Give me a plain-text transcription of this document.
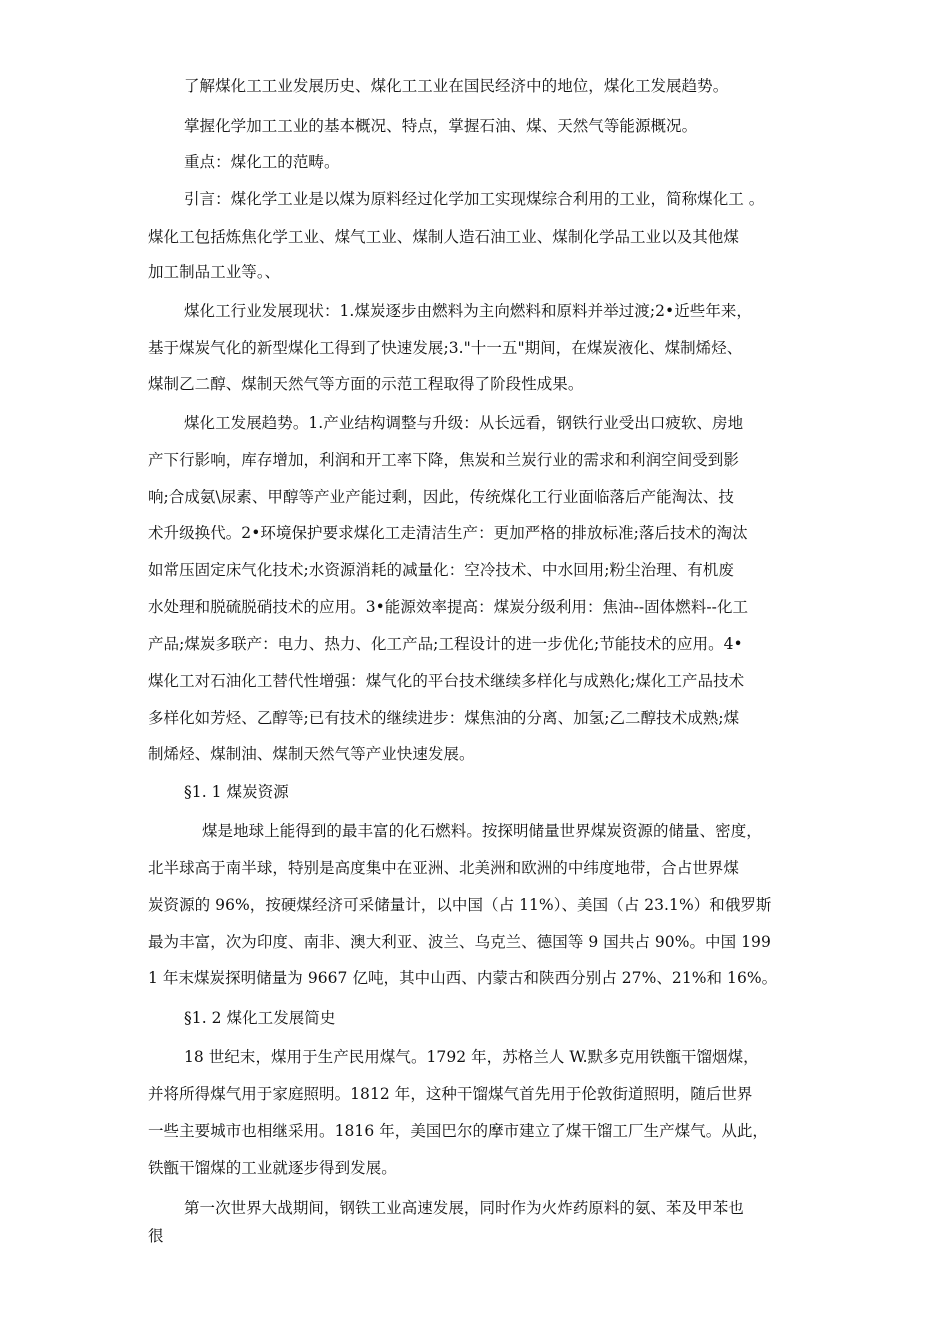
了解煤化工工业发展历史、煤化工工业在国民经济中的地位，煤化工发展趋势。
掌握化学加工工业的基本概况、特点，掌握石油、煤、天然气等能源概况。
重点：煤化工的范畴。
引言：煤化学工业是以煤为原料经过化学加工实现煤综合利用的工业，简称煤化工 。
煤化工包括炼焦化学工业、煤气工业、煤制人造石油工业、煤制化学品工业以及其他煤
加工制品工业等。、
煤化工行业发展现状：1.煤炭逐步由燃料为主向燃料和原料并举过渡;2•近些年来，
基于煤炭气化的新型煤化工得到了快速发展;3."十一五"期间，在煤炭液化、煤制烯烃、
煤制乙二醇、煤制天然气等方面的示范工程取得了阶段性成果。
煤化工发展趋势。1.产业结构调整与升级：从长远看，钢铁行业受出口疲软、房地
产下行影响，库存增加，利润和开工率下降，焦炭和兰炭行业的需求和利润空间受到影
响;合成氨\尿素、甲醇等产业产能过剩，因此，传统煤化工行业面临落后产能淘汰、技
术升级换代。2•环境保护要求煤化工走清洁生产：更加严格的排放标准;落后技术的淘汰
如常压固定床气化技术;水资源消耗的减量化：空冷技术、中水回用;粉尘治理、有机废
水处理和脱硫脱硝技术的应用。3•能源效率提高：煤炭分级利用：焦油--固体燃料--化工
产品;煤炭多联产：电力、热力、化工产品;工程设计的进一步优化;节能技术的应用。4•
煤化工对石油化工替代性增强：煤气化的平台技术继续多样化与成熟化;煤化工产品技术
多样化如芳烃、乙醇等;已有技术的继续进步：煤焦油的分离、加氢;乙二醇技术成熟;煤
制烯烃、煤制油、煤制天然气等产业快速发展。
§1. 1 煤炭资源
煤是地球上能得到的最丰富的化石燃料。按探明储量世界煤炭资源的储量、密度，
北半球高于南半球，特别是高度集中在亚洲、北美洲和欧洲的中纬度地带，合占世界煤
炭资源的 96%，按硬煤经济可采储量计，以中国（占 11%）、美国（占 23.1%）和俄罗斯
最为丰富，次为印度、南非、澳大利亚、波兰、乌克兰、德国等 9 国共占 90%。中国 199
1 年末煤炭探明储量为 9667 亿吨，其中山西、内蒙古和陕西分别占 27%、21%和 16%。
§1. 2 煤化工发展简史
18 世纪末，煤用于生产民用煤气。1792 年，苏格兰人 W.默多克用铁甑干馏烟煤，
并将所得煤气用于家庭照明。1812 年，这种干馏煤气首先用于伦敦街道照明，随后世界
一些主要城市也相继采用。1816 年，美国巴尔的摩市建立了煤干馏工厂生产煤气。从此，
铁甑干馏煤的工业就逐步得到发展。
第一次世界大战期间，钢铁工业高速发展，同时作为火炸药原料的氨、苯及甲苯也
很
